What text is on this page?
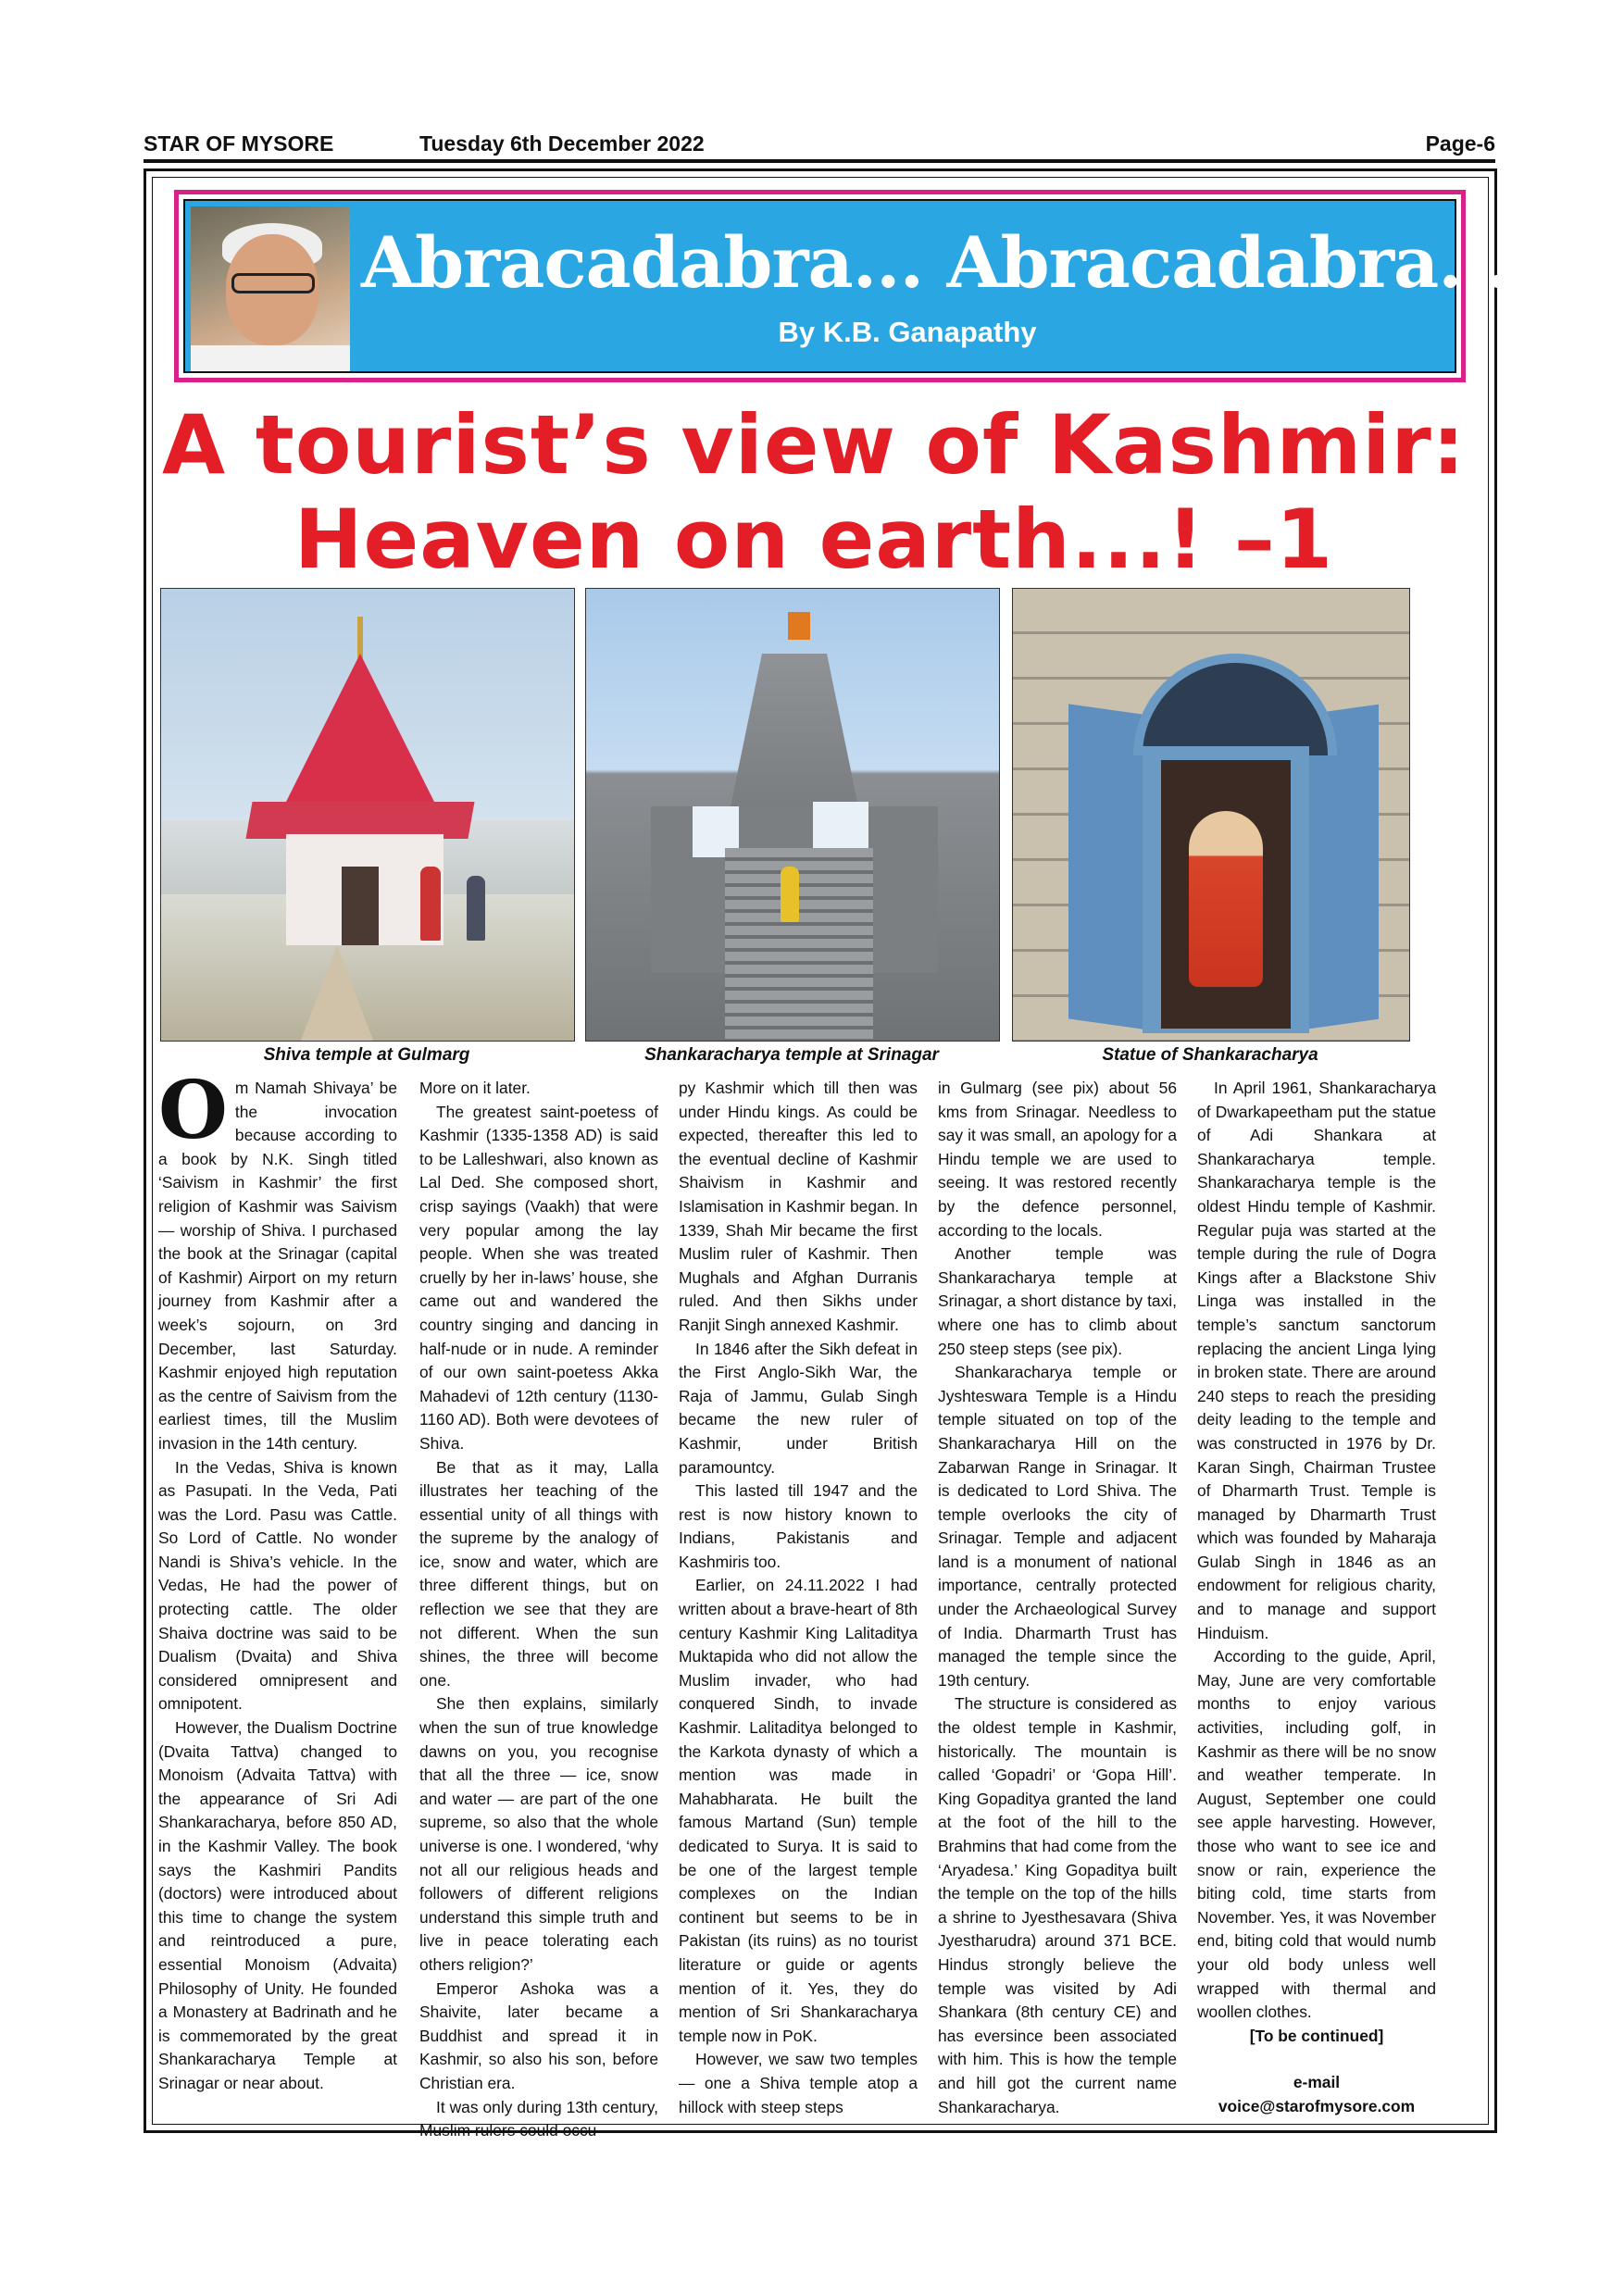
STAR OF MYSORE	Tuesday 6th December 2022	Page-6
Abracadabra... Abracadabra...
By K.B. Ganapathy
A tourist’s view of Kashmir:
Heaven on earth...! –1
Shiva temple at Gulmarg	Shankaracharya temple at Srinagar	Statue of Shankaracharya

Om Namah Shivaya’ be the invocation because according to a book by N.K. Singh titled ‘Saivism in Kashmir’ the first religion of Kashmir was Saivism — worship of Shiva. I purchased the book at the Srinagar (capital of Kashmir) Airport on my return journey from Kashmir after a week’s sojourn, on 3rd December, last Saturday. Kashmir enjoyed high reputation as the centre of Saivism from the earliest times, till the Muslim invasion in the 14th century.

In the Vedas, Shiva is known as Pasupati. In the Veda, Pati was the Lord. Pasu was Cattle. So Lord of Cattle. No wonder Nandi is Shiva’s vehicle. In the Vedas, He had the power of protecting cattle. The older Shaiva doctrine was said to be Dualism (Dvaita) and Shiva considered omnipresent and omnipotent.

However, the Dualism Doctrine (Dvaita Tattva) changed to Monoism (Advaita Tattva) with the appearance of Sri Adi Shankaracharya, before 850 AD, in the Kashmir Valley. The book says the Kashmiri Pandits (doctors) were introduced about this time to change the system and reintroduced a pure, essential Monoism (Advaita) Philosophy of Unity. He founded a Monastery at Badrinath and he is commemorated by the great Shankaracharya Temple at Srinagar or near about.

More on it later.

The greatest saint-poetess of Kashmir (1335-1358 AD) is said to be Lalleshwari, also known as Lal Ded. She composed short, crisp sayings (Vaakh) that were very popular among the lay people. When she was treated cruelly by her in-laws’ house, she came out and wandered the country singing and dancing in half-nude or in nude. A reminder of our own saint-poetess Akka Mahadevi of 12th century (1130-1160 AD). Both were devotees of Shiva.

Be that as it may, Lalla illustrates her teaching of the essential unity of all things with the supreme by the analogy of ice, snow and water, which are three different things, but on reflection we see that they are not different. When the sun shines, the three will become one.

She then explains, similarly when the sun of true knowledge dawns on you, you recognise that all the three — ice, snow and water — are part of the one supreme, so also that the whole universe is one. I wondered, ‘why not all our religious heads and followers of different religions understand this simple truth and live in peace tolerating each others religion?’

Emperor Ashoka was a Shaivite, later became a Buddhist and spread it in Kashmir, so also his son, before Christian era.

It was only during 13th century, Muslim rulers could occu-

py Kashmir which till then was under Hindu kings. As could be expected, thereafter this led to the eventual decline of Kashmir Shaivism in Kashmir and Islamisation in Kashmir began. In 1339, Shah Mir became the first Muslim ruler of Kashmir. Then Mughals and Afghan Durranis ruled. And then Sikhs under Ranjit Singh annexed Kashmir.

In 1846 after the Sikh defeat in the First Anglo-Sikh War, the Raja of Jammu, Gulab Singh became the new ruler of Kashmir, under British paramountcy.

This lasted till 1947 and the rest is now history known to Indians, Pakistanis and Kashmiris too.

Earlier, on 24.11.2022 I had written about a brave-heart of 8th century Kashmir King Lalitaditya Muktapida who did not allow the Muslim invader, who had conquered Sindh, to invade Kashmir. Lalitaditya belonged to the Karkota dynasty of which a mention was made in Mahabharata. He built the famous Martand (Sun) temple dedicated to Surya. It is said to be one of the largest temple complexes on the Indian continent but seems to be in Pakistan (its ruins) as no tourist literature or guide or agents mention of it. Yes, they do mention of Sri Shankaracharya temple now in PoK.

However, we saw two temples — one a Shiva temple atop a hillock with steep steps

in Gulmarg (see pix) about 56 kms from Srinagar. Needless to say it was small, an apology for a Hindu temple we are used to seeing. It was restored recently by the defence personnel, according to the locals.

Another temple was Shankaracharya temple at Srinagar, a short distance by taxi, where one has to climb about 250 steep steps (see pix).

Shankaracharya temple or Jyshteswara Temple is a Hindu temple situated on top of the Shankaracharya Hill on the Zabarwan Range in Srinagar. It is dedicated to Lord Shiva. The temple overlooks the city of Srinagar. Temple and adjacent land is a monument of national importance, centrally protected under the Archaeological Survey of India. Dharmarth Trust has managed the temple since the 19th century.

The structure is considered as the oldest temple in Kashmir, historically. The mountain is called ‘Gopadri’ or ‘Gopa Hill’. King Gopaditya granted the land at the foot of the hill to the Brahmins that had come from the ‘Aryadesa.’ King Gopaditya built the temple on the top of the hills a shrine to Jyesthesavara (Shiva Jyestharudra) around 371 BCE. Hindus strongly believe the temple was visited by Adi Shankara (8th century CE) and has eversince been associated with him. This is how the temple and hill got the current name Shankaracharya.

In April 1961, Shankaracharya of Dwarkapeetham put the statue of Adi Shankara at Shankaracharya temple. Shankaracharya temple is the oldest Hindu temple of Kashmir. Regular puja was started at the temple during the rule of Dogra Kings after a Blackstone Shiv Linga was installed in the temple’s sanctum sanctorum replacing the ancient Linga lying in broken state. There are around 240 steps to reach the presiding deity leading to the temple and was constructed in 1976 by Dr. Karan Singh, Chairman Trustee of Dharmarth Trust. Temple is managed by Dharmarth Trust which was founded by Maharaja Gulab Singh in 1846 as an endowment for religious charity, and to manage and support Hinduism.

According to the guide, April, May, June are very comfortable months to enjoy various activities, including golf, in Kashmir as there will be no snow and weather temperate. In August, September one could see apple harvesting. However, those who want to see ice and snow or rain, experience the biting cold, time starts from November. Yes, it was November end, biting cold that would numb your old body unless well wrapped with thermal and woollen clothes.

[To be continued]

e-mail

voice@starofmysore.com
